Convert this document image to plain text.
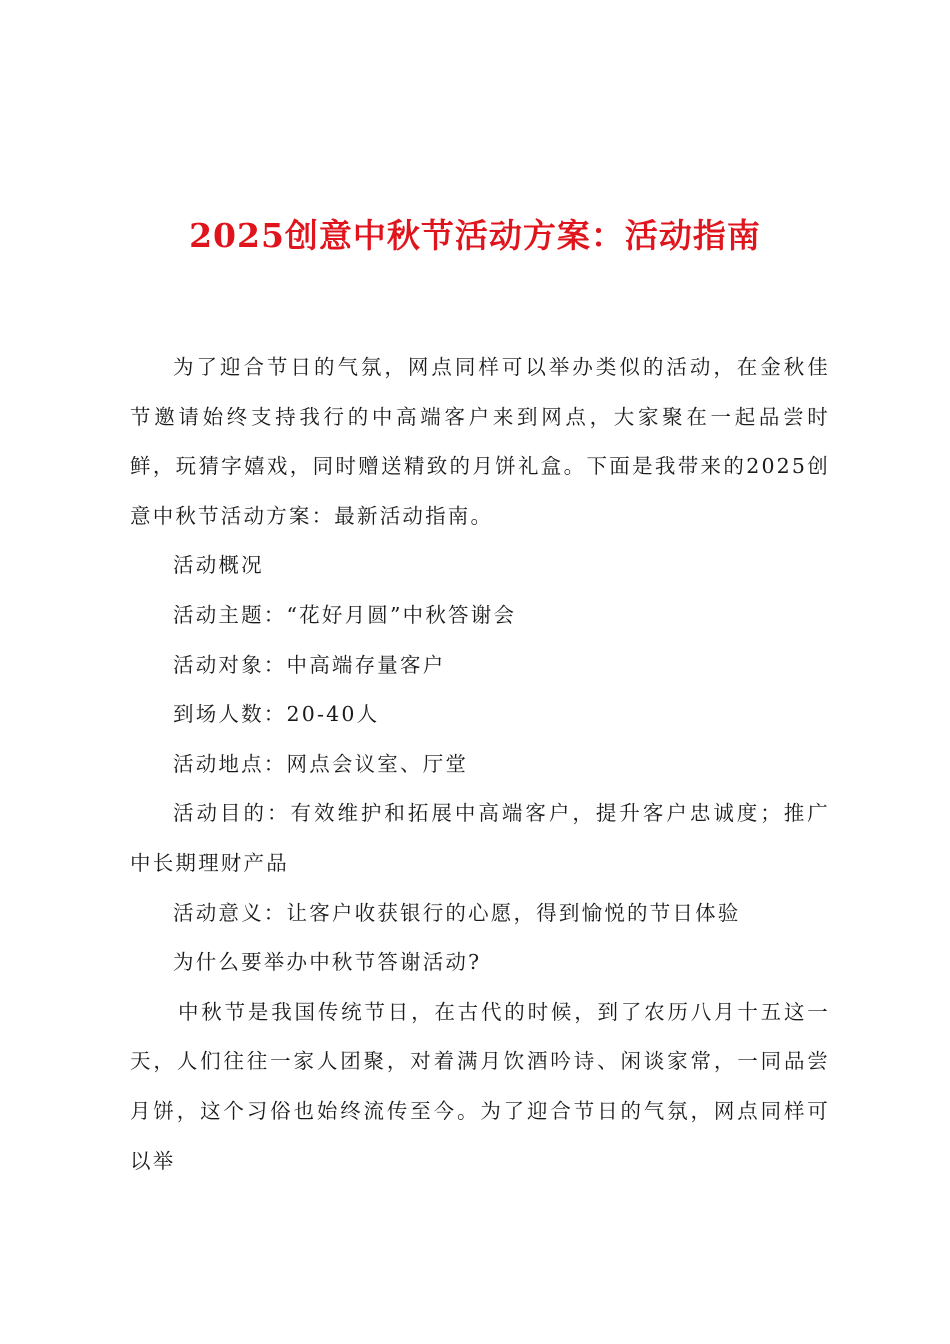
2025创意中秋节活动方案：活动指南

为了迎合节日的气氛，网点同样可以举办类似的活动，在金秋佳节邀请始终支持我行的中高端客户来到网点，大家聚在一起品尝时鲜，玩猜字嬉戏，同时赠送精致的月饼礼盒。下面是我带来的2025创意中秋节活动方案：最新活动指南。

活动概况

活动主题：“花好月圆”中秋答谢会

活动对象：中高端存量客户

到场人数：20-40人

活动地点：网点会议室、厅堂

活动目的：有效维护和拓展中高端客户，提升客户忠诚度；推广中长期理财产品

活动意义：让客户收获银行的心愿，得到愉悦的节日体验

为什么要举办中秋节答谢活动?

中秋节是我国传统节日，在古代的时候，到了农历八月十五这一天，人们往往一家人团聚，对着满月饮酒吟诗、闲谈家常，一同品尝月饼，这个习俗也始终流传至今。为了迎合节日的气氛，网点同样可以举
